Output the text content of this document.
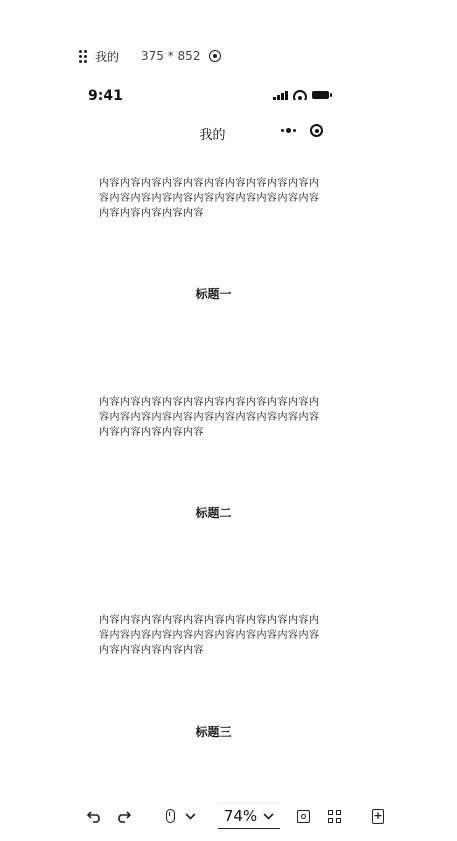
我的 375 * 852
9:41
我的
内容内容内容内容内容内容内容内容内容内容内容内容内容内容内容内容内容内容内容内容内容内容内容内容内容内容
标题一
内容内容内容内容内容内容内容内容内容内容内容内容内容内容内容内容内容内容内容内容内容内容内容内容内容内容
标题二
内容内容内容内容内容内容内容内容内容内容内容内容内容内容内容内容内容内容内容内容内容内容内容内容内容内容
标题三
74%	+
